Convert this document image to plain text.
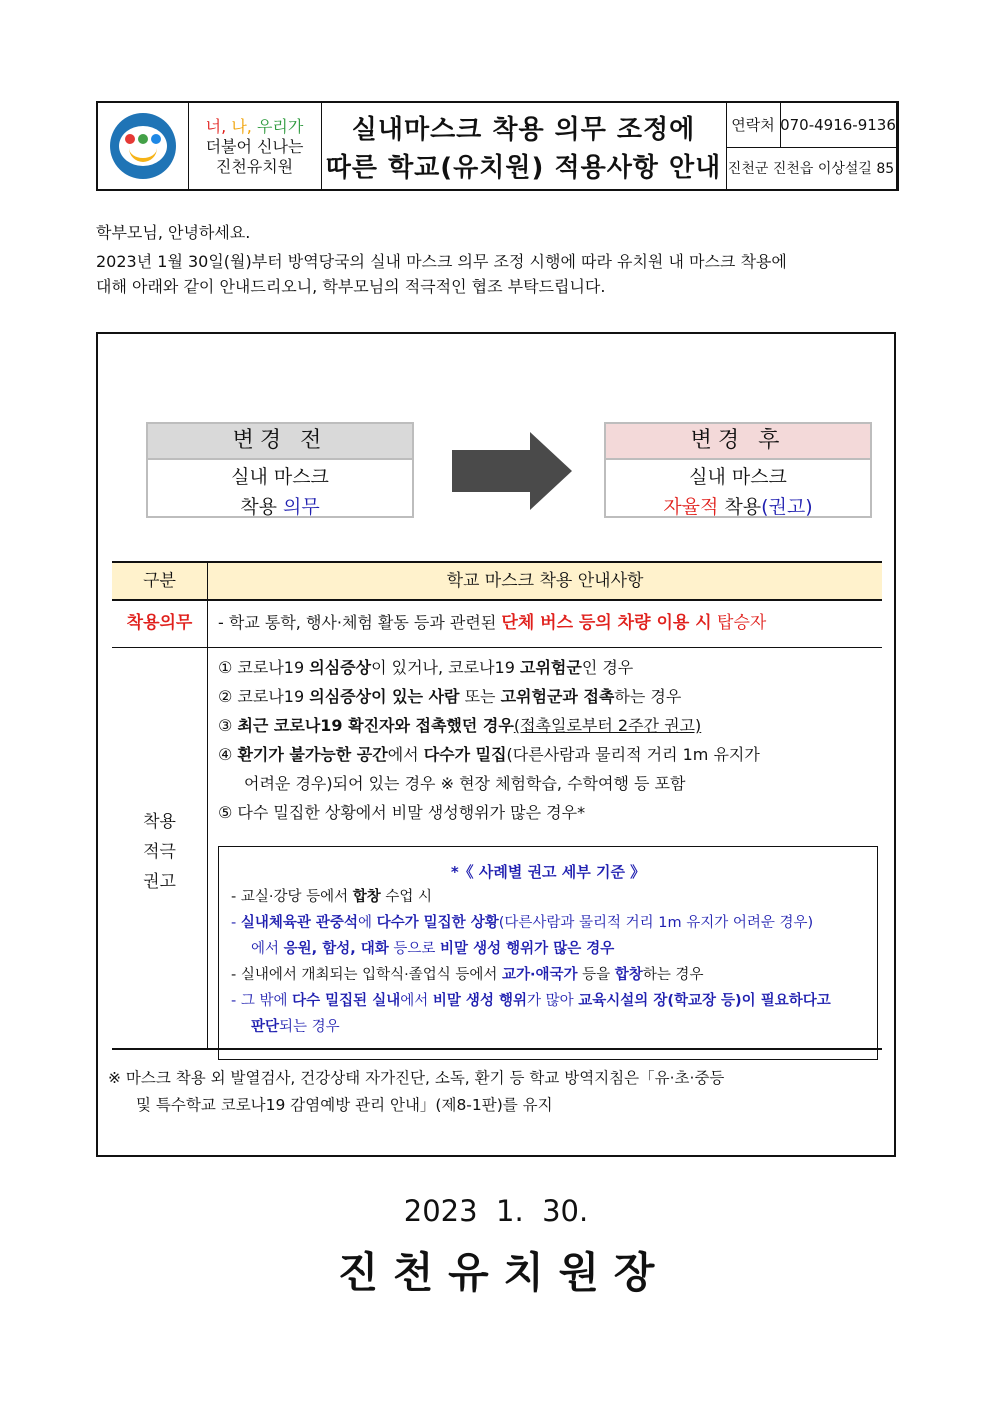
너, 나, 우리가
더불어 신나는
진천유치원
실내마스크 착용 의무 조정에
따른 학교(유치원) 적용사항 안내
연락처 070-4916-9136
진천군 진천읍 이상설길 85
학부모님, 안녕하세요.
2023년 1월 30일(월)부터 방역당국의 실내 마스크 의무 조정 시행에 따라 유치원 내 마스크 착용에
대해 아래와 같이 안내드리오니, 학부모님의 적극적인 협조 부탁드립니다.
변경 전
실내 마스크
착용 의무
변경 후
실내 마스크
자율적 착용(권고)
구분	학교 마스크 착용 안내사항
착용의무	- 학교 통학, 행사·체험 활동 등과 관련된 단체 버스 등의 차량 이용 시 탑승자
착용
적극
권고
① 코로나19 의심증상이 있거나, 코로나19 고위험군인 경우
② 코로나19 의심증상이 있는 사람 또는 고위험군과 접촉하는 경우
③ 최근 코로나19 확진자와 접촉했던 경우(접촉일로부터 2주간 권고)
④ 환기가 불가능한 공간에서 다수가 밀집(다른사람과 물리적 거리 1m 유지가
어려운 경우)되어 있는 경우 ※ 현장 체험학습, 수학여행 등 포함
⑤ 다수 밀집한 상황에서 비말 생성행위가 많은 경우*
*《 사례별 권고 세부 기준 》
- 교실·강당 등에서 합창 수업 시
- 실내체육관 관중석에 다수가 밀집한 상황(다른사람과 물리적 거리 1m 유지가 어려운 경우)
에서 응원, 함성, 대화 등으로 비말 생성 행위가 많은 경우
- 실내에서 개최되는 입학식·졸업식 등에서 교가·애국가 등을 합창하는 경우
- 그 밖에 다수 밀집된 실내에서 비말 생성 행위가 많아 교육시설의 장(학교장 등)이 필요하다고
판단되는 경우
※ 마스크 착용 외 발열검사, 건강상태 자가진단, 소독, 환기 등 학교 방역지침은「유·초·중등
및 특수학교 코로나19 감염예방 관리 안내」(제8-1판)를 유지
2023  1.  30.
진 천 유 치 원 장
